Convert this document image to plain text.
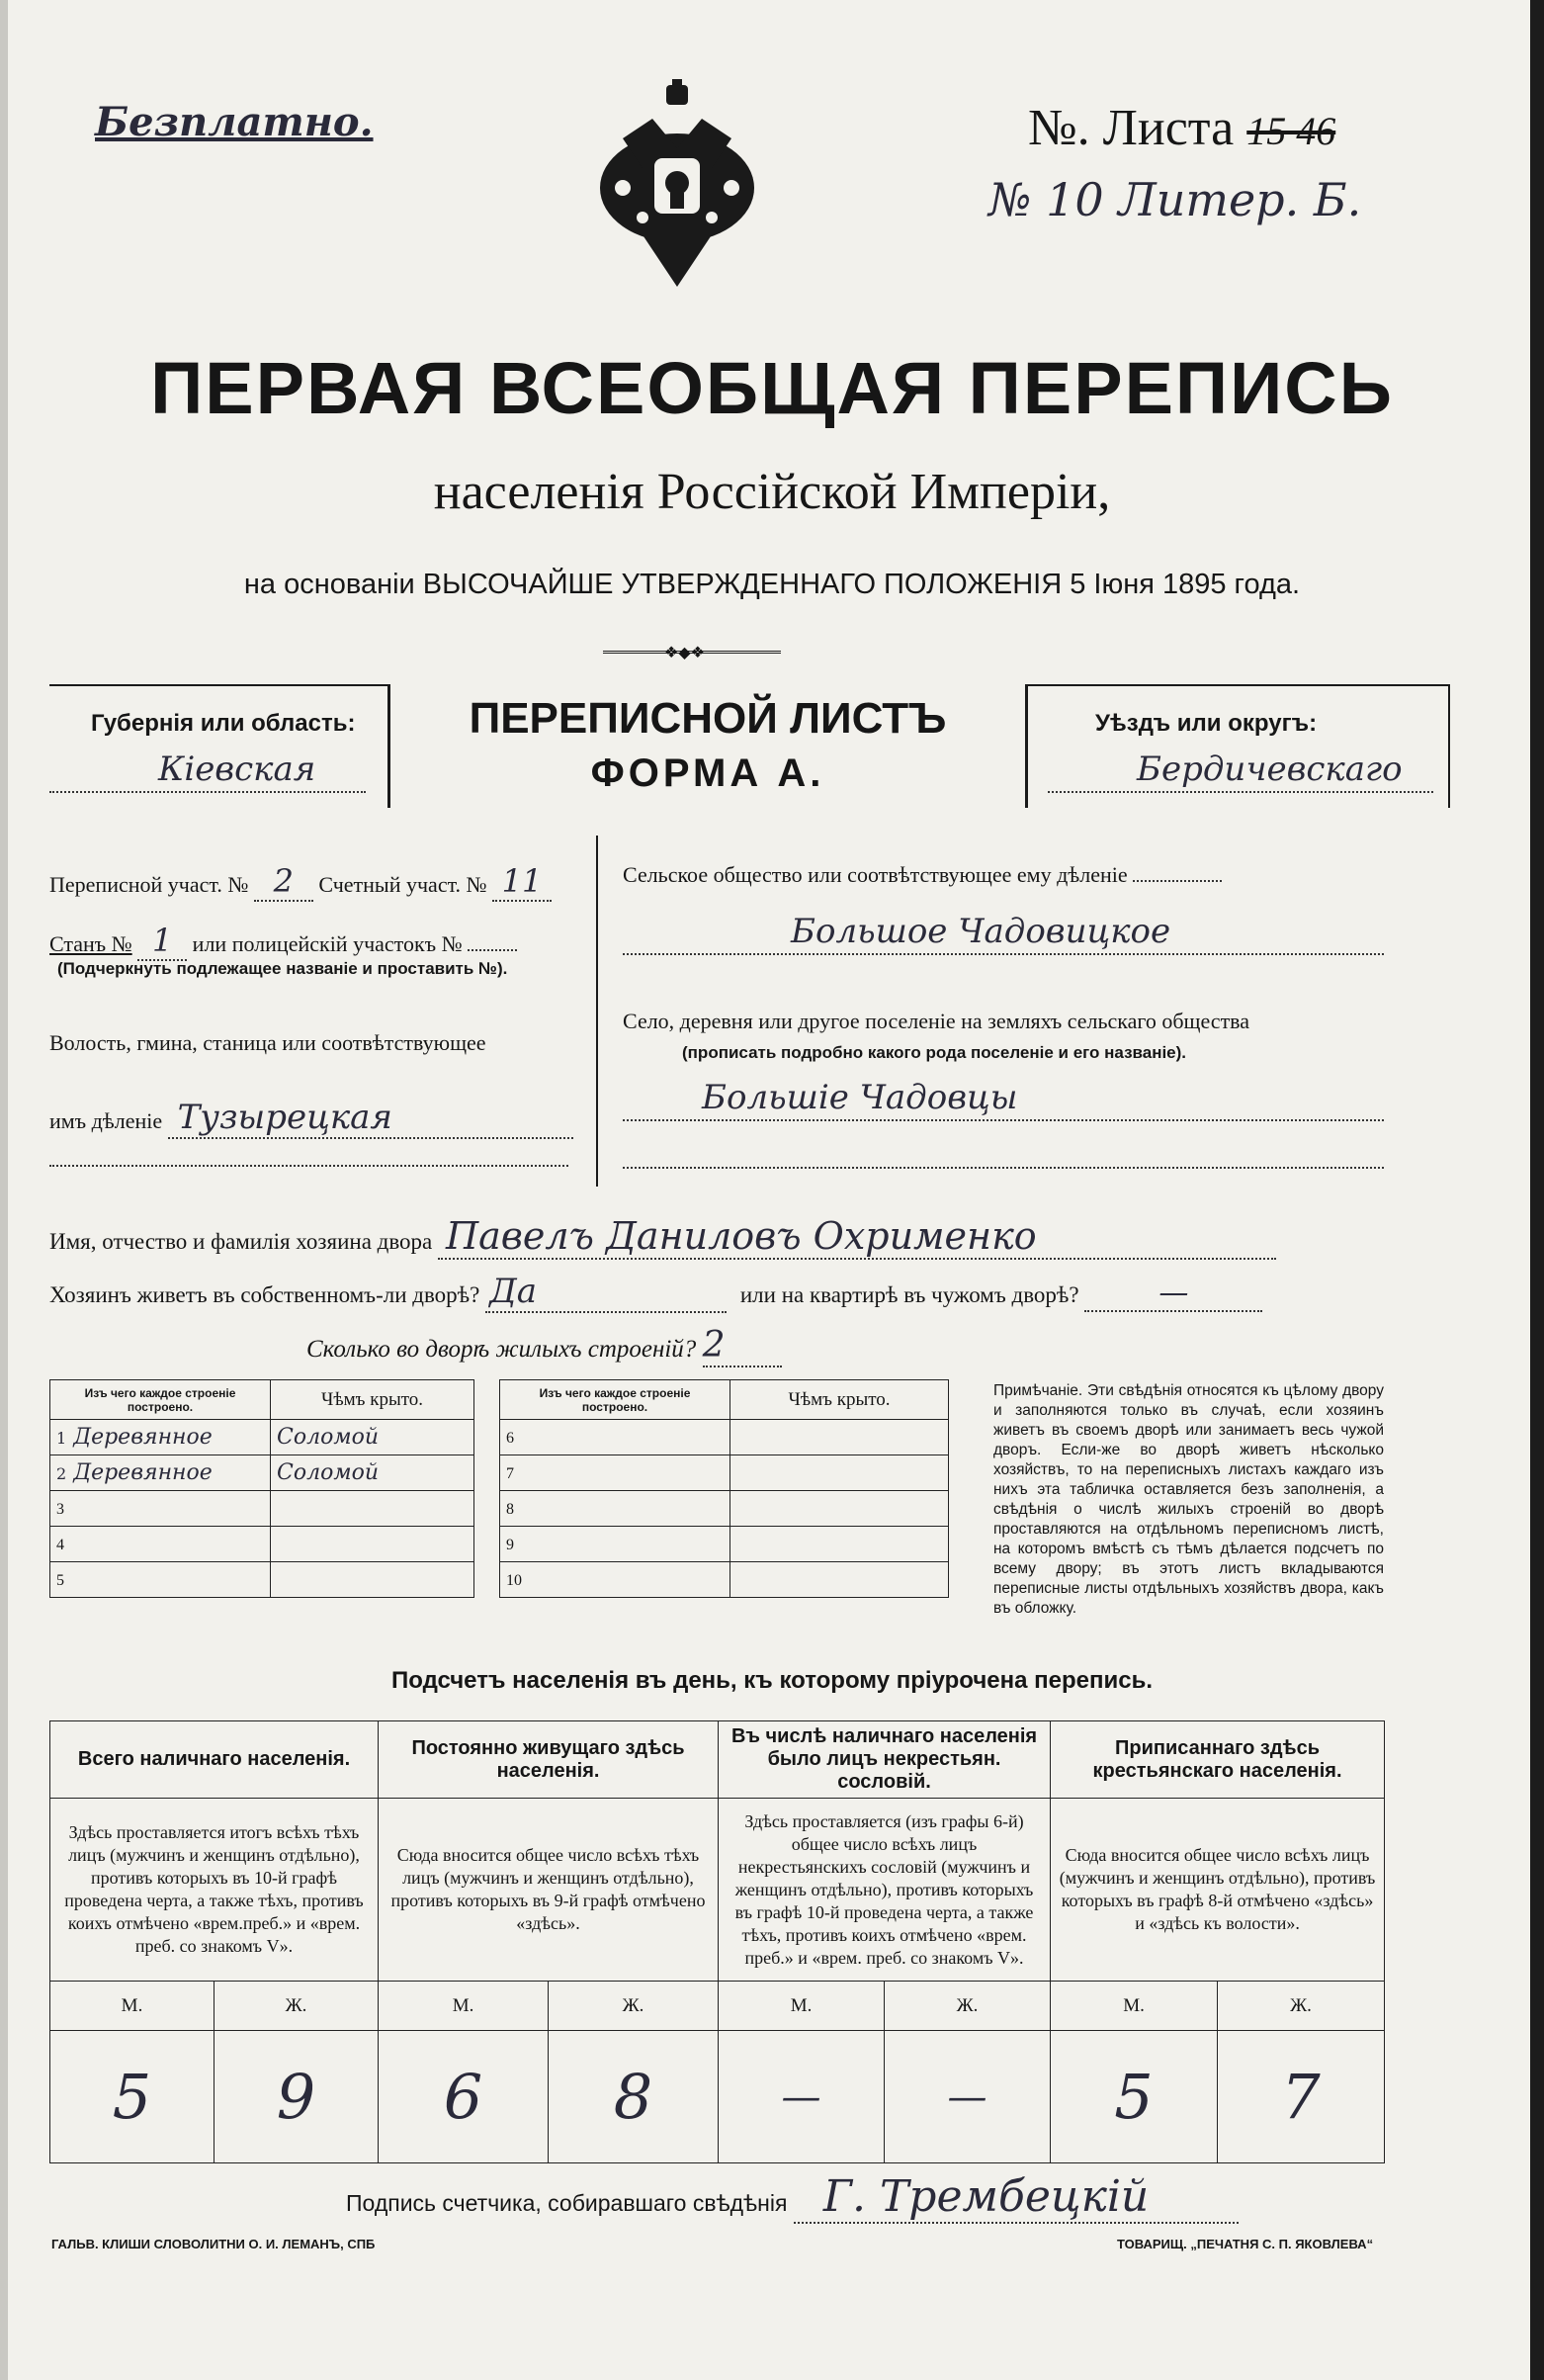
Безплатно.	№. Листа 15 46
№ 10 Литер. Б.
ПЕРВАЯ ВСЕОБЩАЯ ПЕРЕПИСЬ
населенія Россійской Имперіи,
на основаніи ВЫСОЧАЙШЕ УТВЕРЖДЕННАГО ПОЛОЖЕНІЯ 5 Іюня 1895 года.
❖◆❖
Губернія или область:
Кіевская
ПЕРЕПИСНОЙ ЛИСТЪ
ФОРМА А.
Уѣздъ или округъ:
Бердичевскаго
Переписной участ. № 2 Счетный участ. № 11
Станъ № 1 или полицейскій участокъ №
(Подчеркнуть подлежащее названіе и проставить №).
Волость, гмина, станица или соотвѣтствующее
имъ дѣленіе Тузырецкая
Сельское общество или соотвѣтствующее ему дѣленіе
Большое Чадовицкое
Село, деревня или другое поселеніе на земляхъ сельскаго общества
(прописать подробно какого рода поселеніе и его названіе).
Большіе Чадовцы
Имя, отчество и фамилія хозяина двора Павелъ Даниловъ Охрименко
Хозяинъ живетъ въ собственномъ-ли дворѣ? Да	или на квартирѣ въ чужомъ дворѣ?	—
Сколько во дворѣ жилыхъ строеній? 2
Изъ чего каждое строеніе построено.	Чѣмъ крыто.
1 Деревянное	Соломой
2 Деревянное	Соломой
3	
4	
5	
Изъ чего каждое строеніе построено.	Чѣмъ крыто.
6	
7	
8	
9	
10	
Примѣчаніе. Эти свѣдѣнія относятся къ цѣлому двору и заполняются только въ случаѣ, если хозяинъ живетъ въ своемъ дворѣ или занимаетъ весь чужой дворъ. Если-же во дворѣ живетъ нѣсколько хозяйствъ, то на переписныхъ листахъ каждаго изъ нихъ эта табличка оставляется безъ заполненія, а свѣдѣнія о числѣ жилыхъ строеній во дворѣ проставляются на отдѣльномъ переписномъ листѣ, на которомъ вмѣстѣ съ тѣмъ дѣлается подсчетъ по всему двору; въ этотъ листъ вкладываются переписные листы отдѣльныхъ хозяйствъ двора, какъ въ обложку.
Подсчетъ населенія въ день, къ которому пріурочена перепись.
Всего наличнаго населенія.		Постоянно живущаго здѣсь населенія.		Въ числѣ наличнаго населенія было лицъ некрестьян. сословій.		Приписаннаго здѣсь крестьянскаго населенія.	
Здѣсь проставляется итогъ всѣхъ тѣхъ лицъ (мужчинъ и женщинъ отдѣльно), противъ которыхъ въ 10-й графѣ проведена черта, а также тѣхъ, противъ коихъ отмѣчено «врем.преб.» и «врем. преб. со знакомъ V».		Сюда вносится общее число всѣхъ тѣхъ лицъ (мужчинъ и женщинъ отдѣльно), противъ которыхъ въ 9-й графѣ отмѣчено «здѣсь».		Здѣсь проставляется (изъ графы 6-й) общее число всѣхъ лицъ некрестьянскихъ сословій (мужчинъ и женщинъ отдѣльно), противъ которыхъ въ графѣ 10-й проведена черта, а также тѣхъ, противъ коихъ отмѣчено «врем. преб.» и «врем. преб. со знакомъ V».		Сюда вносится общее число всѣхъ лицъ (мужчинъ и женщинъ отдѣльно), противъ которыхъ въ графѣ 8-й отмѣчено «здѣсь» и «здѣсь къ волости».	
М.	Ж.	М.	Ж.	М.	Ж.	М.	Ж.
5	9	6	8	—	—	5	7
Подпись счетчика, собиравшаго свѣдѣнія Г. Трембецкій
ГАЛЬВ. КЛИШИ СЛОВОЛИТНИ О. И. ЛЕМАНЪ, СПБ	ТОВАРИЩ. „ПЕЧАТНЯ С. П. ЯКОВЛЕВА“
